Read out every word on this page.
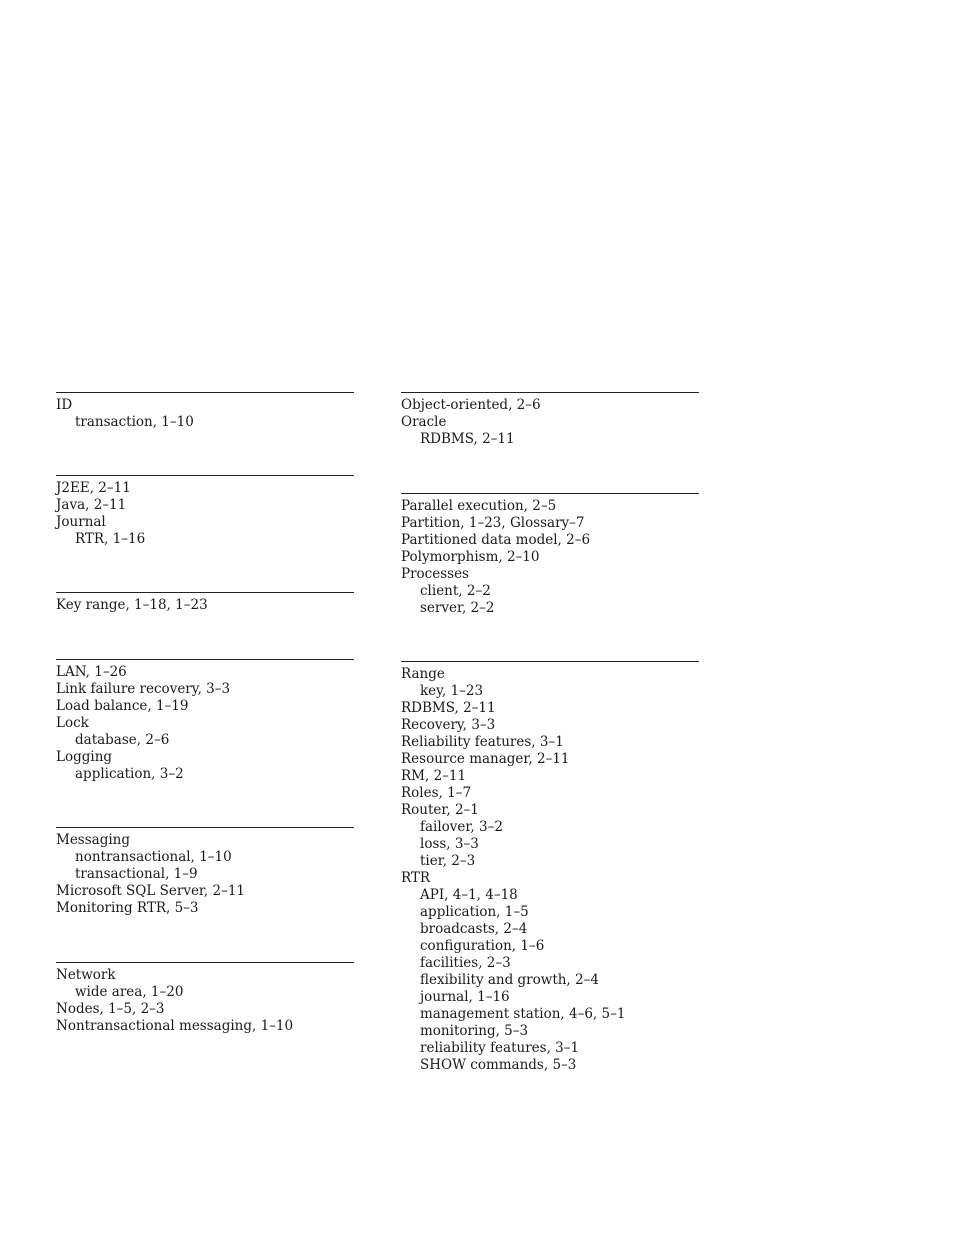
ID
transaction, 1–10
J2EE, 2–11
Java, 2–11
Journal
RTR, 1–16
Key range, 1–18, 1–23
LAN, 1–26
Link failure recovery, 3–3
Load balance, 1–19
Lock
database, 2–6
Logging
application, 3–2
Messaging
nontransactional, 1–10
transactional, 1–9
Microsoft SQL Server, 2–11
Monitoring RTR, 5–3
Network
wide area, 1–20
Nodes, 1–5, 2–3
Nontransactional messaging, 1–10
Object-oriented, 2–6
Oracle
RDBMS, 2–11
Parallel execution, 2–5
Partition, 1–23, Glossary–7
Partitioned data model, 2–6
Polymorphism, 2–10
Processes
client, 2–2
server, 2–2
Range
key, 1–23
RDBMS, 2–11
Recovery, 3–3
Reliability features, 3–1
Resource manager, 2–11
RM, 2–11
Roles, 1–7
Router, 2–1
failover, 3–2
loss, 3–3
tier, 2–3
RTR
API, 4–1, 4–18
application, 1–5
broadcasts, 2–4
configuration, 1–6
facilities, 2–3
flexibility and growth, 2–4
journal, 1–16
management station, 4–6, 5–1
monitoring, 5–3
reliability features, 3–1
SHOW commands, 5–3
